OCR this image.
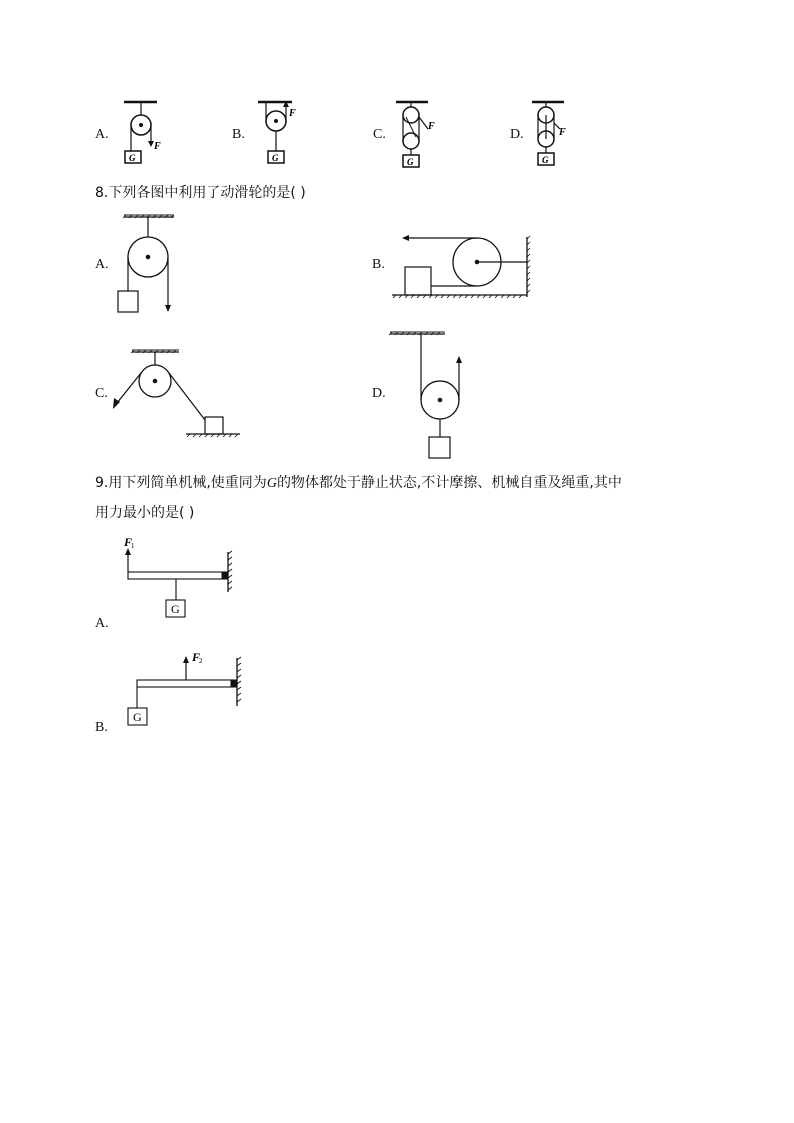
A.	B.	C.	D.
G
F
G
F
G
F
G
F
8.下列各图中利用了动滑轮的是( )
A.	B.
C.	D.
9.用下列简单机械,使重同为G的物体都处于静止状态,不计摩擦、机械自重及绳重,其中
用力最小的是( )
A.
B.
F
1
G
F
2
G
